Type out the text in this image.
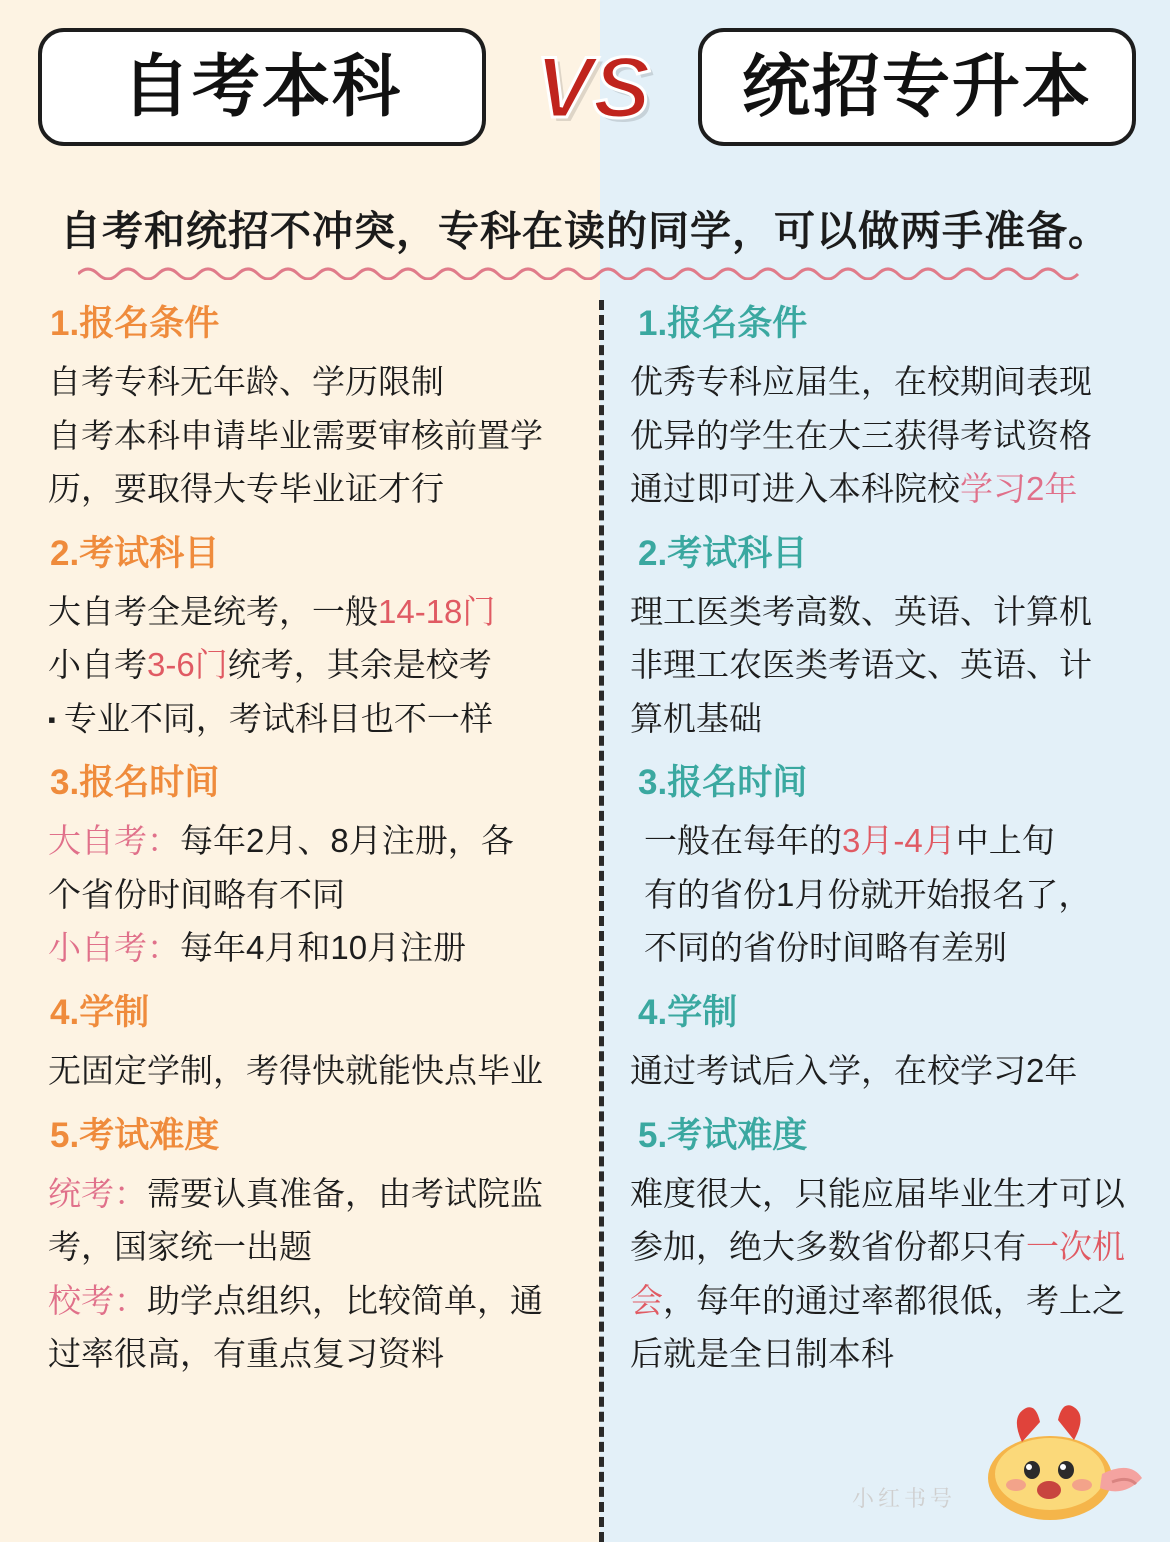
自考本科	VS	统招专升本
自考和统招不冲突，专科在读的同学，可以做两手准备。
1.报名条件

自考专科无年龄、学历限制

自考本科申请毕业需要审核前置学

历，要取得大专毕业证才行

2.考试科目

大自考全是统考，一般14-18门

小自考3-6门统考，其余是校考

▪ 专业不同，考试科目也不一样

3.报名时间

大自考：每年2月、8月注册，各

个省份时间略有不同

小自考：每年4月和10月注册

4.学制

无固定学制，考得快就能快点毕业

5.考试难度

统考：需要认真准备，由考试院监

考，国家统一出题

校考：助学点组织，比较简单，通

过率很高，有重点复习资料

1.报名条件

优秀专科应届生，在校期间表现

优异的学生在大三获得考试资格

通过即可进入本科院校学习2年

2.考试科目

理工医类考高数、英语、计算机

非理工农医类考语文、英语、计

算机基础

3.报名时间

一般在每年的3月-4月中上旬

有的省份1月份就开始报名了，

不同的省份时间略有差别

4.学制

通过考试后入学，在校学习2年

5.考试难度

难度很大，只能应届毕业生才可以

参加，绝大多数省份都只有一次机

会，每年的通过率都很低，考上之

后就是全日制本科

小红书号
